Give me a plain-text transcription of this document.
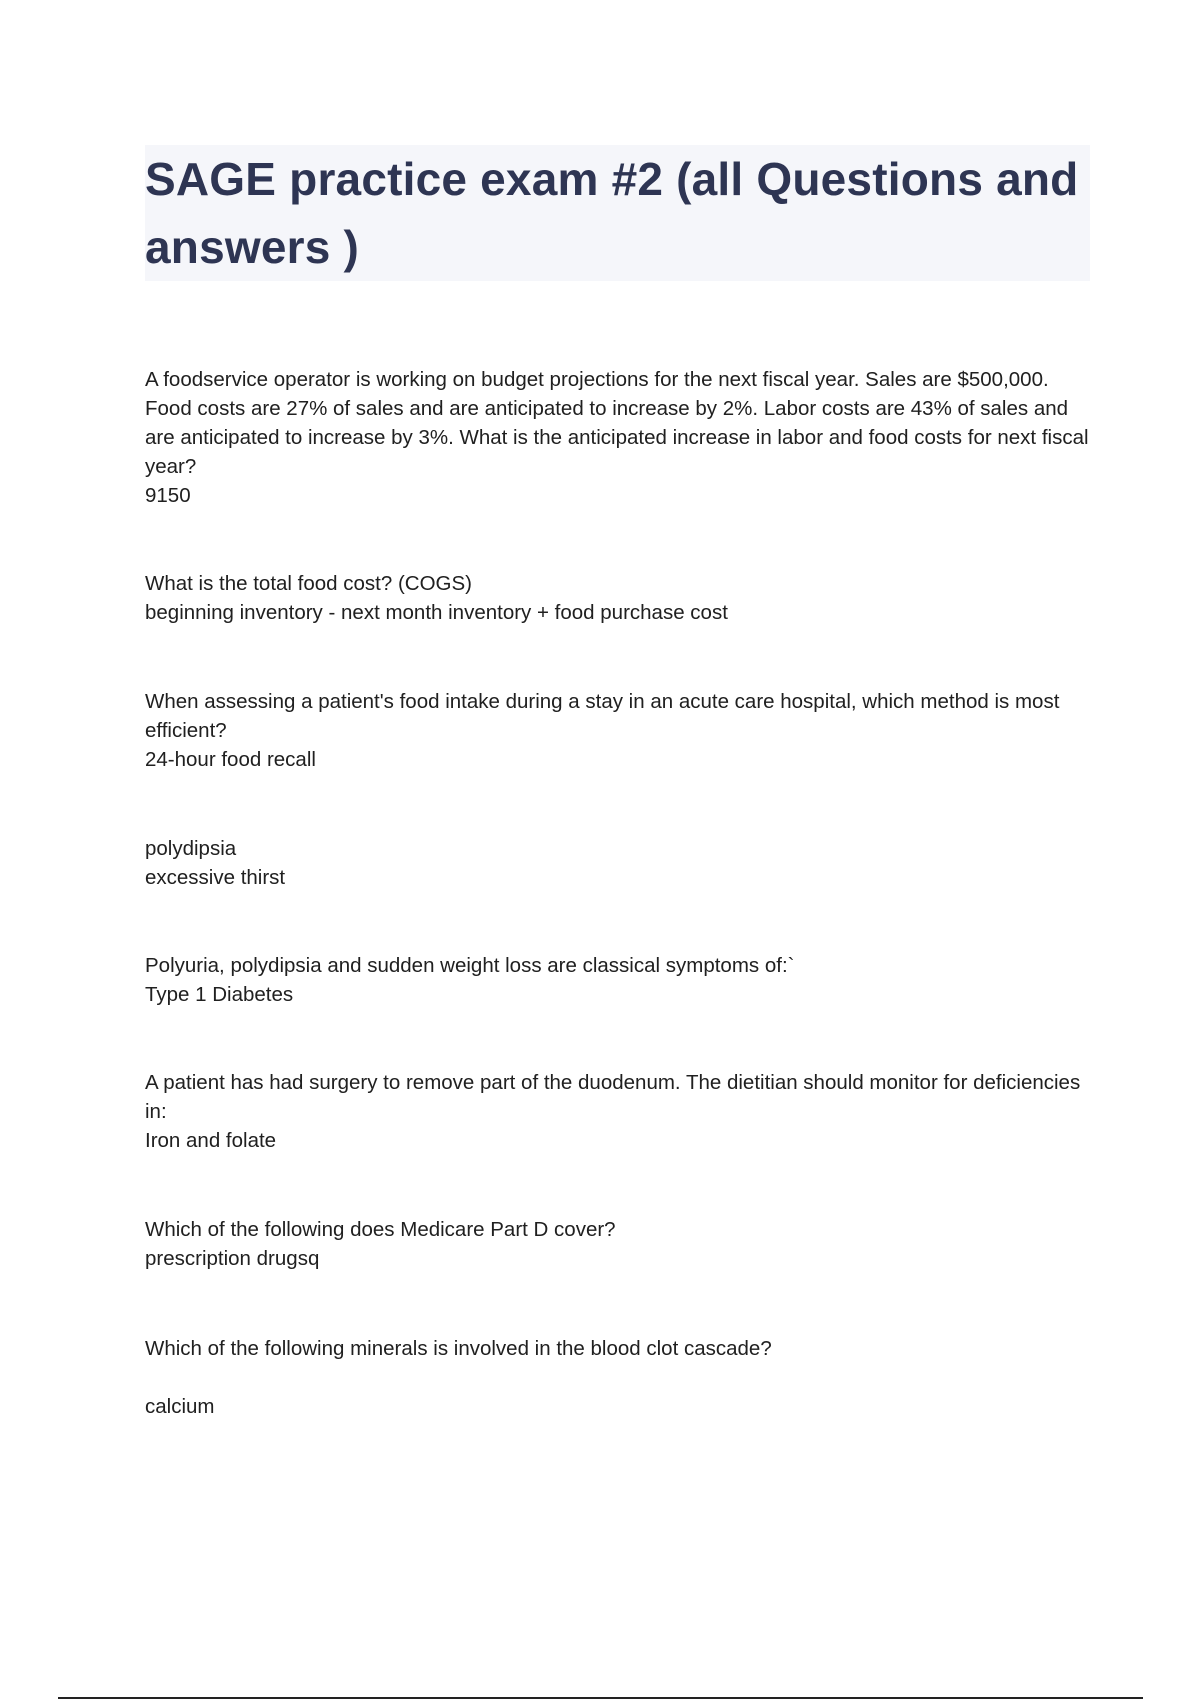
SAGE practice exam #2 (all Questions and answers )

A foodservice operator is working on budget projections for the next fiscal year. Sales are $500,000. Food costs are 27% of sales and are anticipated to increase by 2%. Labor costs are 43% of sales and are anticipated to increase by 3%. What is the anticipated increase in labor and food costs for next fiscal year?

9150

What is the total food cost? (COGS)

beginning inventory - next month inventory + food purchase cost

When assessing a patient's food intake during a stay in an acute care hospital, which method is most efficient?

24-hour food recall

polydipsia

excessive thirst

Polyuria, polydipsia and sudden weight loss are classical symptoms of:`

Type 1 Diabetes

A patient has had surgery to remove part of the duodenum. The dietitian should monitor for deficiencies in:

Iron and folate

Which of the following does Medicare Part D cover?

prescription drugsq

Which of the following minerals is involved in the blood clot cascade?

calcium
